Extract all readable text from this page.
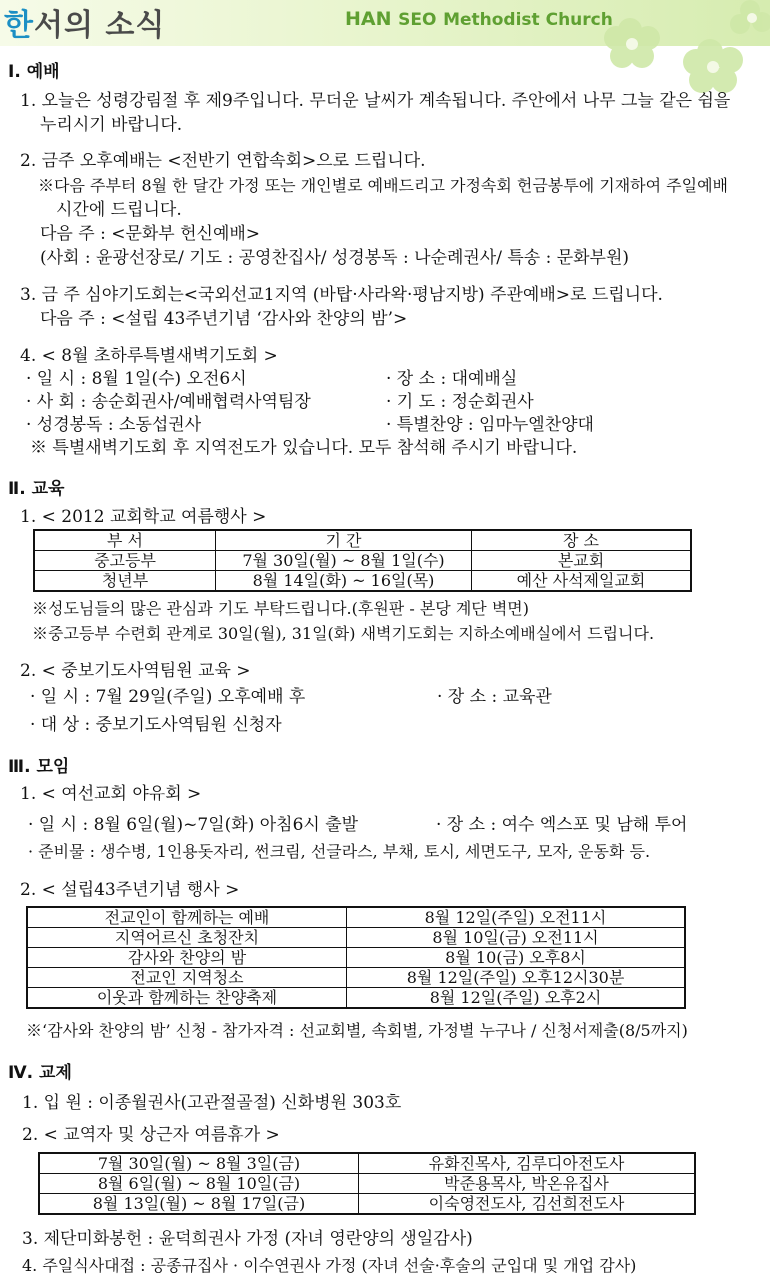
한서의 소식	HAN SEO Methodist Church
Ⅰ. 예배
1. 오늘은 성령강림절 후 제9주입니다. 무더운 날씨가 계속됩니다. 주안에서 나무 그늘 같은 쉼을
누리시기 바랍니다.
2. 금주 오후예배는 <전반기 연합속회>으로 드립니다.
※다음 주부터 8월 한 달간 가정 또는 개인별로 예배드리고 가정속회 헌금봉투에 기재하여 주일예배
시간에 드립니다.
다음 주 : <문화부 헌신예배>
(사회 : 윤광선장로/ 기도 : 공영찬집사/ 성경봉독 : 나순례권사/ 특송 : 문화부원)
3. 금 주 심야기도회는<국외선교1지역 (바탑·사라왁·평남지방) 주관예배>로 드립니다.
다음 주 : <설립 43주년기념 ‘감사와 찬양의 밤’>
4. < 8월 초하루특별새벽기도회 >
· 일 시 : 8월 1일(수) 오전6시	· 장 소 : 대예배실
· 사 회 : 송순회권사/예배협력사역팀장	· 기 도 : 정순회권사
· 성경봉독 : 소동섭권사	· 특별찬양 : 임마누엘찬양대
※ 특별새벽기도회 후 지역전도가 있습니다. 모두 참석해 주시기 바랍니다.
Ⅱ. 교육
1. < 2012 교회학교 여름행사 >
부 서	기 간	장 소
중고등부	7월 30일(월) ~ 8월 1일(수)	본교회
청년부	8월 14일(화) ~ 16일(목)	예산 사석제일교회
※성도님들의 많은 관심과 기도 부탁드립니다.(후원판 - 본당 계단 벽면)
※중고등부 수련회 관계로 30일(월), 31일(화) 새벽기도회는 지하소예배실에서 드립니다.
2. < 중보기도사역팀원 교육 >
· 일 시 : 7월 29일(주일) 오후예배 후	· 장 소 : 교육관
· 대 상 : 중보기도사역팀원 신청자
Ⅲ. 모임
1. < 여선교회 야유회 >
· 일 시 : 8월 6일(월)~7일(화) 아침6시 출발	· 장 소 : 여수 엑스포 및 남해 투어
· 준비물 : 생수병, 1인용돗자리, 썬크림, 선글라스, 부채, 토시, 세면도구, 모자, 운동화 등.
2. < 설립43주년기념 행사 >
전교인이 함께하는 예배	8월 12일(주일) 오전11시
지역어르신 초청잔치	8월 10일(금) 오전11시
감사와 찬양의 밤	8월 10(금) 오후8시
전교인 지역청소	8월 12일(주일) 오후12시30분
이웃과 함께하는 찬양축제	8월 12일(주일) 오후2시
※‘감사와 찬양의 밤’ 신청 - 참가자격 : 선교회별, 속회별, 가정별 누구나 / 신청서제출(8/5까지)
Ⅳ. 교제
1. 입 원 : 이종월권사(고관절골절) 신화병원 303호
2. < 교역자 및 상근자 여름휴가 >
7월 30일(월) ~ 8월 3일(금)	유화진목사, 김루디아전도사
8월 6일(월) ~ 8월 10일(금)	박준용목사, 박온유집사
8월 13일(월) ~ 8월 17일(금)	이숙영전도사, 김선희전도사
3. 제단미화봉헌 : 윤덕희권사 가정 (자녀 영란양의 생일감사)
4. 주일식사대접 : 공종규집사 · 이수연권사 가정 (자녀 선술·후술의 군입대 및 개업 감사)
